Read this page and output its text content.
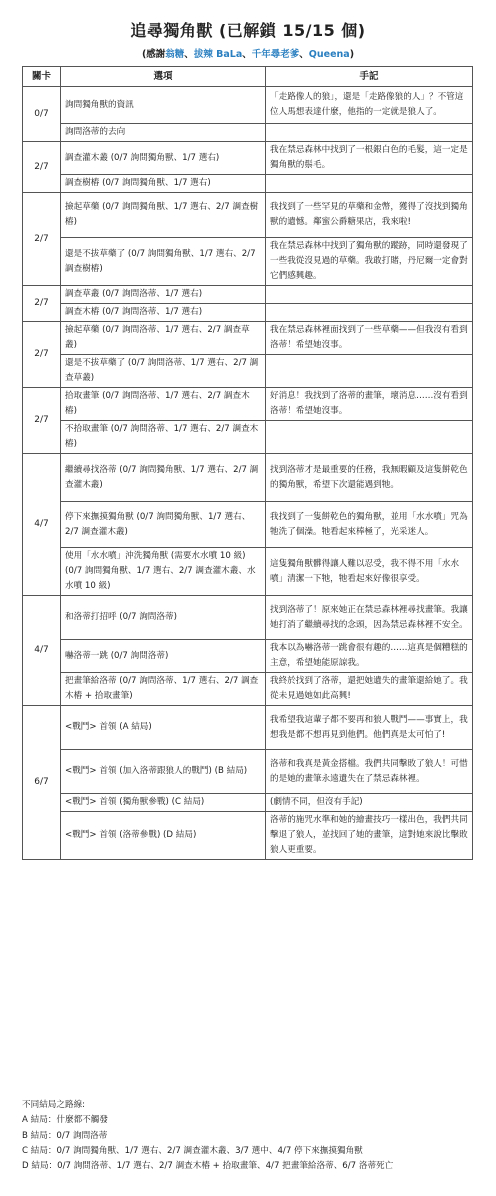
追尋獨角獸 (已解鎖 15/15 個)
(感謝翁糖、拔辣 BaLa、千年尋老爹、Queena)
關卡	選項	手記
0/7	詢問獨角獸的資訊	「走路像人的狼」，還是「走路像狼的人」？不管這位人馬想表達什麼，他指的一定就是狼人了。
	詢問洛蒂的去向	
2/7	調查灌木叢 (0/7 詢問獨角獸、1/7 選右)	我在禁忌森林中找到了一根銀白色的毛髮，這一定是獨角獸的鬃毛。
	調查樹樁 (0/7 詢問獨角獸、1/7 選右)	
2/7	撿起草藥 (0/7 詢問獨角獸、1/7 選右、2/7 調查樹樁)	我找到了一些罕見的草藥和金幣，獲得了沒找到獨角獸的遺憾。鄰蜜公爵糖果店，我來啦!
	還是不拔草藥了 (0/7 詢問獨角獸、1/7 選右、2/7 調查樹樁)	我在禁忌森林中找到了獨角獸的蹤跡，同時還發現了一些我從沒見過的草藥。我敢打賭，丹尼爾一定會對它們感興趣。
2/7	調查草叢 (0/7 詢問洛蒂、1/7 選右)	
	調查木樁 (0/7 詢問洛蒂、1/7 選右)	
2/7	撿起草藥 (0/7 詢問洛蒂、1/7 選右、2/7 調查草叢)	我在禁忌森林裡面找到了一些草藥——但我沒有看到洛蒂！希望她沒事。
	還是不拔草藥了 (0/7 詢問洛蒂、1/7 選右、2/7 調查草叢)	
2/7	拾取畫筆 (0/7 詢問洛蒂、1/7 選右、2/7 調查木樁)	好消息！我找到了洛蒂的畫筆，壞消息……沒有看到洛蒂！希望她沒事。
	不拾取畫筆 (0/7 詢問洛蒂、1/7 選右、2/7 調查木樁)	
4/7	繼續尋找洛蒂 (0/7 詢問獨角獸、1/7 選右、2/7 調查灌木叢)	找到洛蒂才是最重要的任務，我無暇顧及這隻餅乾色的獨角獸，希望下次還能遇到牠。
	停下來撫摸獨角獸 (0/7 詢問獨角獸、1/7 選右、2/7 調查灌木叢)	我找到了一隻餅乾色的獨角獸，並用「水水噴」咒為牠洗了個澡。牠看起來棒極了，光采迷人。
	使用「水水噴」沖洗獨角獸 (需要水水噴 10 級) (0/7 詢問獨角獸、1/7 選右、2/7 調查灌木叢、水水噴 10 級)	這隻獨角獸髒得讓人難以忍受，我不得不用「水水噴」清潔一下牠，牠看起來好像很享受。
4/7	和洛蒂打招呼 (0/7 詢問洛蒂)	找到洛蒂了！原來她正在禁忌森林裡尋找畫筆。我讓她打消了繼續尋找的念頭，因為禁忌森林裡不安全。
	嚇洛蒂一跳 (0/7 詢問洛蒂)	我本以為嚇洛蒂一跳會很有趣的……這真是個糟糕的主意，希望她能原諒我。
	把畫筆給洛蒂 (0/7 詢問洛蒂、1/7 選右、2/7 調查木樁 + 拾取畫筆)	我終於找到了洛蒂，還把她遺失的畫筆還給她了。我從未見過她如此高興!
6/7	<戰鬥> 首領 (A 結局)	我希望我這輩子都不要再和狼人戰鬥——事實上，我想我是都不想再見到他們。他們真是太可怕了!
	<戰鬥> 首領 (加入洛蒂跟狼人的戰鬥) (B 結局)	洛蒂和我真是黃金搭檔。我們共同擊敗了狼人！可惜的是她的畫筆永遠遺失在了禁忌森林裡。
	<戰鬥> 首領 (獨角獸參戰) (C 結局)	(劇情不同，但沒有手記)
	<戰鬥> 首領 (洛蒂參戰) (D 結局)	洛蒂的施咒水準和她的繪畫技巧一樣出色，我們共同擊退了狼人，並找回了她的畫筆，這對她來說比擊敗狼人更重要。
不同結局之路線:
A 結局：什麼都不觸發
B 結局：0/7 詢問洛蒂
C 結局：0/7 詢問獨角獸、1/7 選右、2/7 調查灌木叢、3/7 選中、4/7 停下來撫摸獨角獸
D 結局：0/7 詢問洛蒂、1/7 選右、2/7 調查木樁 + 拾取畫筆、4/7 把畫筆給洛蒂、6/7 洛蒂死亡
